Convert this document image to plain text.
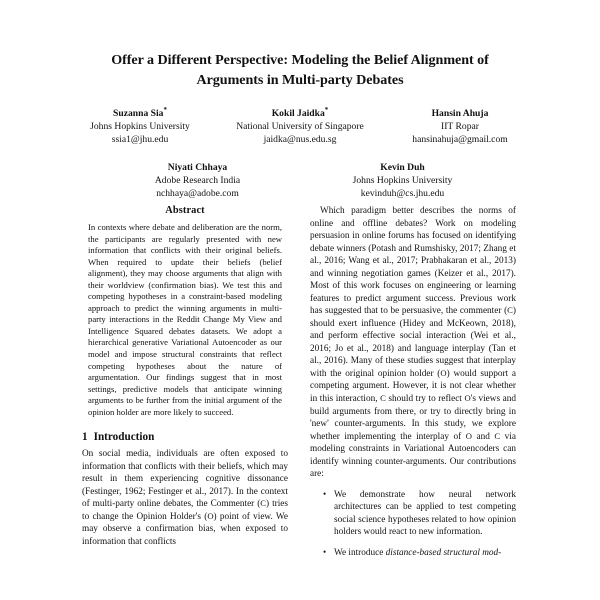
Offer a Different Perspective: Modeling the Belief Alignment of
Arguments in Multi-party Debates
Suzanna Sia*
Johns Hopkins University
ssia1@jhu.edu
Kokil Jaidka*
National University of Singapore
jaidka@nus.edu.sg
Hansin Ahuja
IIT Ropar
hansinahuja@gmail.com
Niyati Chhaya
Adobe Research India
nchhaya@adobe.com
Kevin Duh
Johns Hopkins University
kevinduh@cs.jhu.edu
Abstract

In contexts where debate and deliberation are the norm, the participants are regularly presented with new information that conflicts with their original beliefs. When required to update their beliefs (belief alignment), they may choose arguments that align with their worldview (confirmation bias). We test this and competing hypotheses in a constraint-based modeling approach to predict the winning arguments in multi-party interactions in the Reddit Change My View and Intelligence Squared debates datasets. We adopt a hierarchical generative Variational Autoencoder as our model and impose structural constraints that reflect competing hypotheses about the nature of argumentation. Our findings suggest that in most settings, predictive models that anticipate winning arguments to be further from the initial argument of the opinion holder are more likely to succeed.

1 Introduction

On social media, individuals are often exposed to information that conflicts with their beliefs, which may result in them experiencing cognitive dissonance (Festinger, 1962; Festinger et al., 2017). In the context of multi-party online debates, the Commenter (C) tries to change the Opinion Holder's (O) point of view. We may observe a confirmation bias, when exposed to information that conflicts

Which paradigm better describes the norms of online and offline debates? Work on modeling persuasion in online forums has focused on identifying debate winners (Potash and Rumshisky, 2017; Zhang et al., 2016; Wang et al., 2017; Prabhakaran et al., 2013) and winning negotiation games (Keizer et al., 2017). Most of this work focuses on engineering or learning features to predict argument success. Previous work has suggested that to be persuasive, the commenter (C) should exert influence (Hidey and McKeown, 2018), and perform effective social interaction (Wei et al., 2016; Jo et al., 2018) and language interplay (Tan et al., 2016). Many of these studies suggest that interplay with the original opinion holder (O) would support a competing argument. However, it is not clear whether in this interaction, C should try to reflect O's views and build arguments from there, or try to directly bring in 'new' counter-arguments. In this study, we explore whether implementing the interplay of O and C via modeling constraints in Variational Autoencoders can identify winning counter-arguments. Our contributions are:

• We demonstrate how neural network architectures can be applied to test competing social science hypotheses related to how opinion holders would react to new information.
• We introduce distance-based structural mod-
